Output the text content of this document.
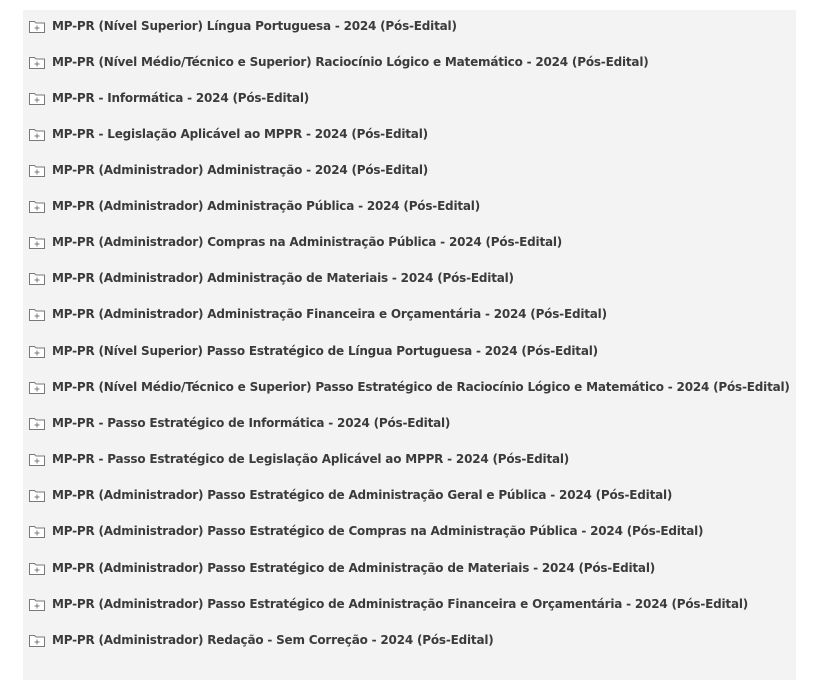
MP-PR (Nível Superior) Língua Portuguesa - 2024 (Pós-Edital)
MP-PR (Nível Médio/Técnico e Superior) Raciocínio Lógico e Matemático - 2024 (Pós-Edital)
MP-PR - Informática - 2024 (Pós-Edital)
MP-PR - Legislação Aplicável ao MPPR - 2024 (Pós-Edital)
MP-PR (Administrador) Administração - 2024 (Pós-Edital)
MP-PR (Administrador) Administração Pública - 2024 (Pós-Edital)
MP-PR (Administrador) Compras na Administração Pública - 2024 (Pós-Edital)
MP-PR (Administrador) Administração de Materiais - 2024 (Pós-Edital)
MP-PR (Administrador) Administração Financeira e Orçamentária - 2024 (Pós-Edital)
MP-PR (Nível Superior) Passo Estratégico de Língua Portuguesa - 2024 (Pós-Edital)
MP-PR (Nível Médio/Técnico e Superior) Passo Estratégico de Raciocínio Lógico e Matemático - 2024 (Pós-Edital)
MP-PR - Passo Estratégico de Informática - 2024 (Pós-Edital)
MP-PR - Passo Estratégico de Legislação Aplicável ao MPPR - 2024 (Pós-Edital)
MP-PR (Administrador) Passo Estratégico de Administração Geral e Pública - 2024 (Pós-Edital)
MP-PR (Administrador) Passo Estratégico de Compras na Administração Pública - 2024 (Pós-Edital)
MP-PR (Administrador) Passo Estratégico de Administração de Materiais - 2024 (Pós-Edital)
MP-PR (Administrador) Passo Estratégico de Administração Financeira e Orçamentária - 2024 (Pós-Edital)
MP-PR (Administrador) Redação - Sem Correção - 2024 (Pós-Edital)
